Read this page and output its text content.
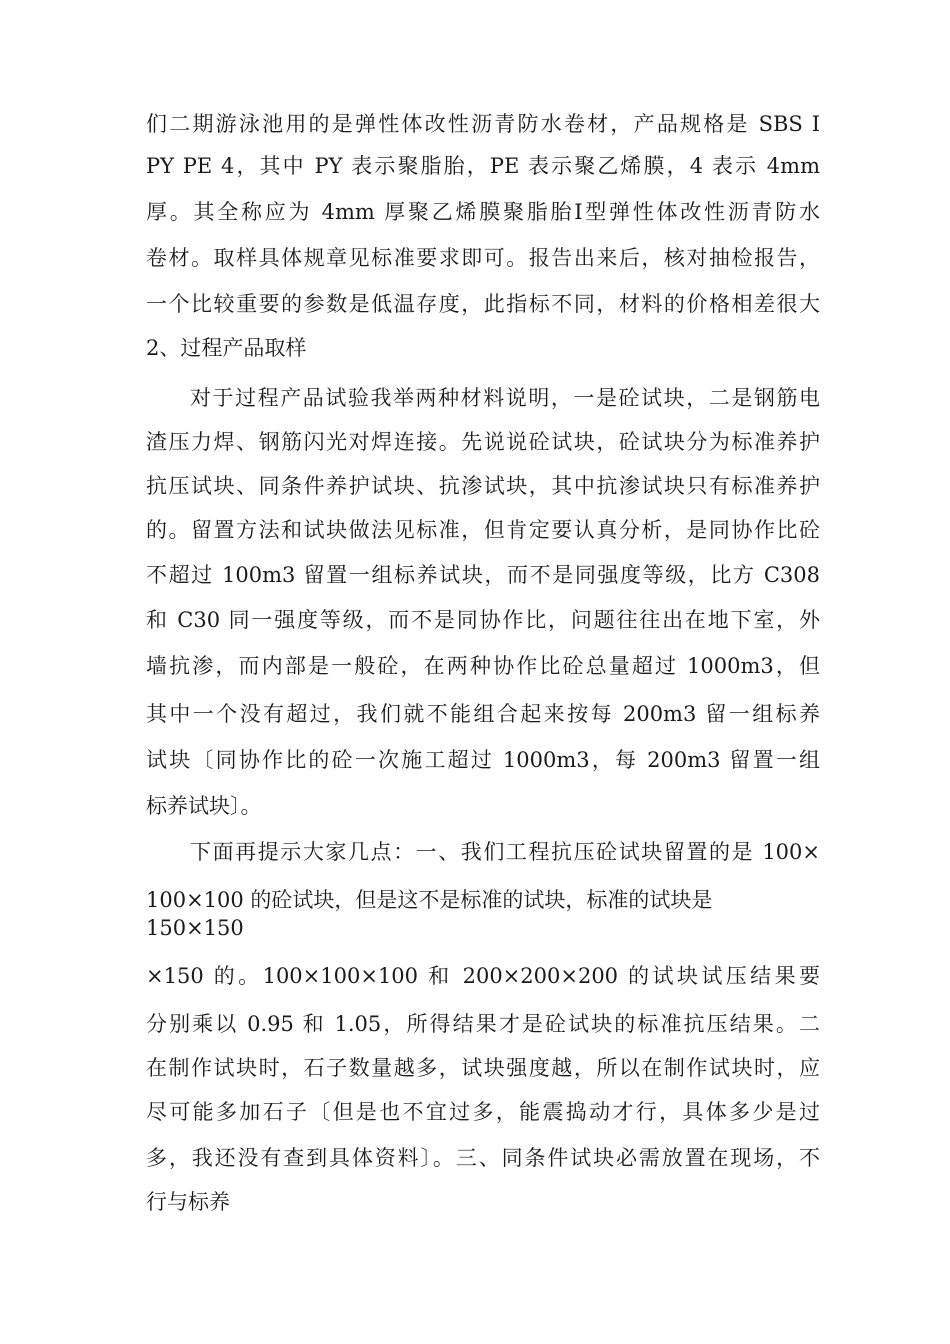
们二期游泳池用的是弹性体改性沥青防水卷材，产品规格是 SBS Ⅰ
PY PE 4，其中 PY 表示聚脂胎，PE 表示聚乙烯膜，4 表示 4mm
厚。其全称应为 4mm 厚聚乙烯膜聚脂胎Ⅰ型弹性体改性沥青防水
卷材。取样具体规章见标准要求即可。报告出来后，核对抽检报告，
一个比较重要的参数是低温存度，此指标不同，材料的价格相差很大
2、过程产品取样
对于过程产品试验我举两种材料说明，一是砼试块，二是钢筋电
渣压力焊、钢筋闪光对焊连接。先说说砼试块，砼试块分为标准养护
抗压试块、同条件养护试块、抗渗试块，其中抗渗试块只有标准养护
的。留置方法和试块做法见标准，但肯定要认真分析，是同协作比砼
不超过 100m3 留置一组标养试块，而不是同强度等级，比方 C308
和 C30 同一强度等级，而不是同协作比，问题往往出在地下室，外
墙抗渗，而内部是一般砼，在两种协作比砼总量超过 1000m3，但
其中一个没有超过，我们就不能组合起来按每 200m3 留一组标养
试块〔同协作比的砼一次施工超过 1000m3，每 200m3 留置一组
标养试块〕。
下面再提示大家几点：一、我们工程抗压砼试块留置的是 100×
100×100 的砼试块，但是这不是标准的试块，标准的试块是
150×150
×150 的。100×100×100 和 200×200×200 的试块试压结果要
分别乘以 0.95 和 1.05，所得结果才是砼试块的标准抗压结果。二
在制作试块时，石子数量越多，试块强度越，所以在制作试块时，应
尽可能多加石子〔但是也不宜过多，能震捣动才行，具体多少是过
多，我还没有查到具体资料〕。三、同条件试块必需放置在现场，不
行与标养
